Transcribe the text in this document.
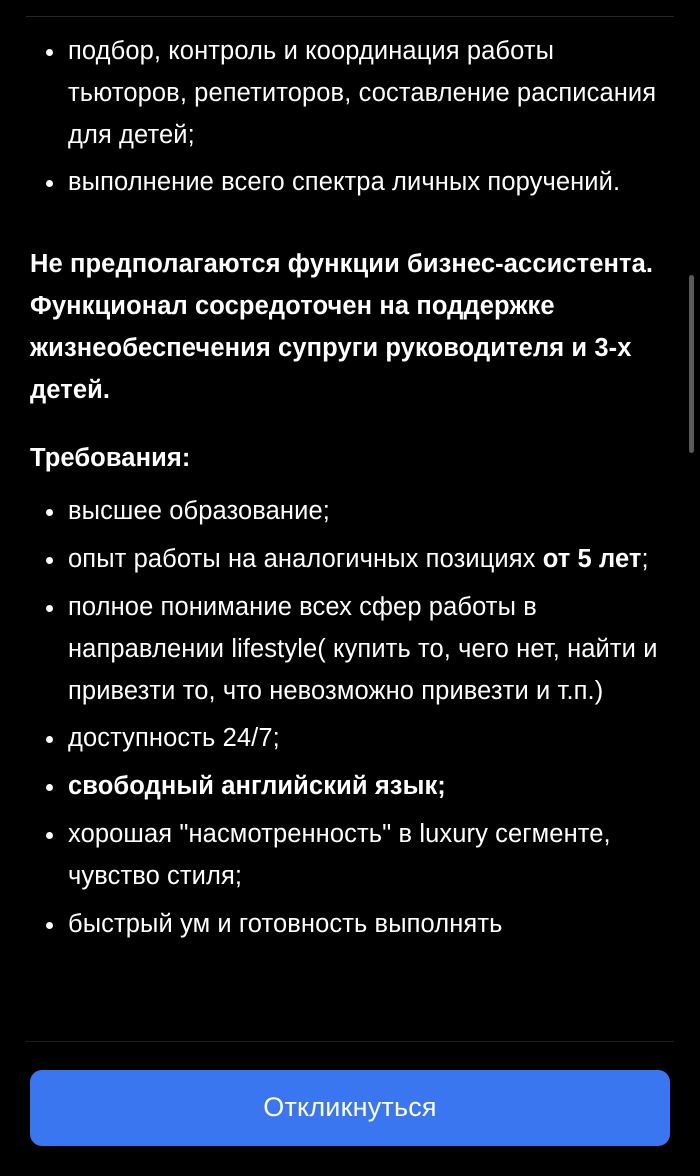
подбор, контроль и координация работы тьюторов, репетиторов, составление расписания для детей;
выполнение всего спектра личных поручений.

Не предполагаются функции бизнес-ассистента. Функционал сосредоточен на поддержке жизнеобеспечения супруги руководителя и 3-х детей.

Требования:

высшее образование;
опыт работы на аналогичных позициях от 5 лет;
полное понимание всех сфер работы в направлении lifestyle( купить то, чего нет, найти и привезти то, что невозможно привезти и т.п.)
доступность 24/7;
свободный английский язык;
хорошая "насмотренность" в luxury сегменте, чувство стиля;
быстрый ум и готовность выполнять
Откликнуться
